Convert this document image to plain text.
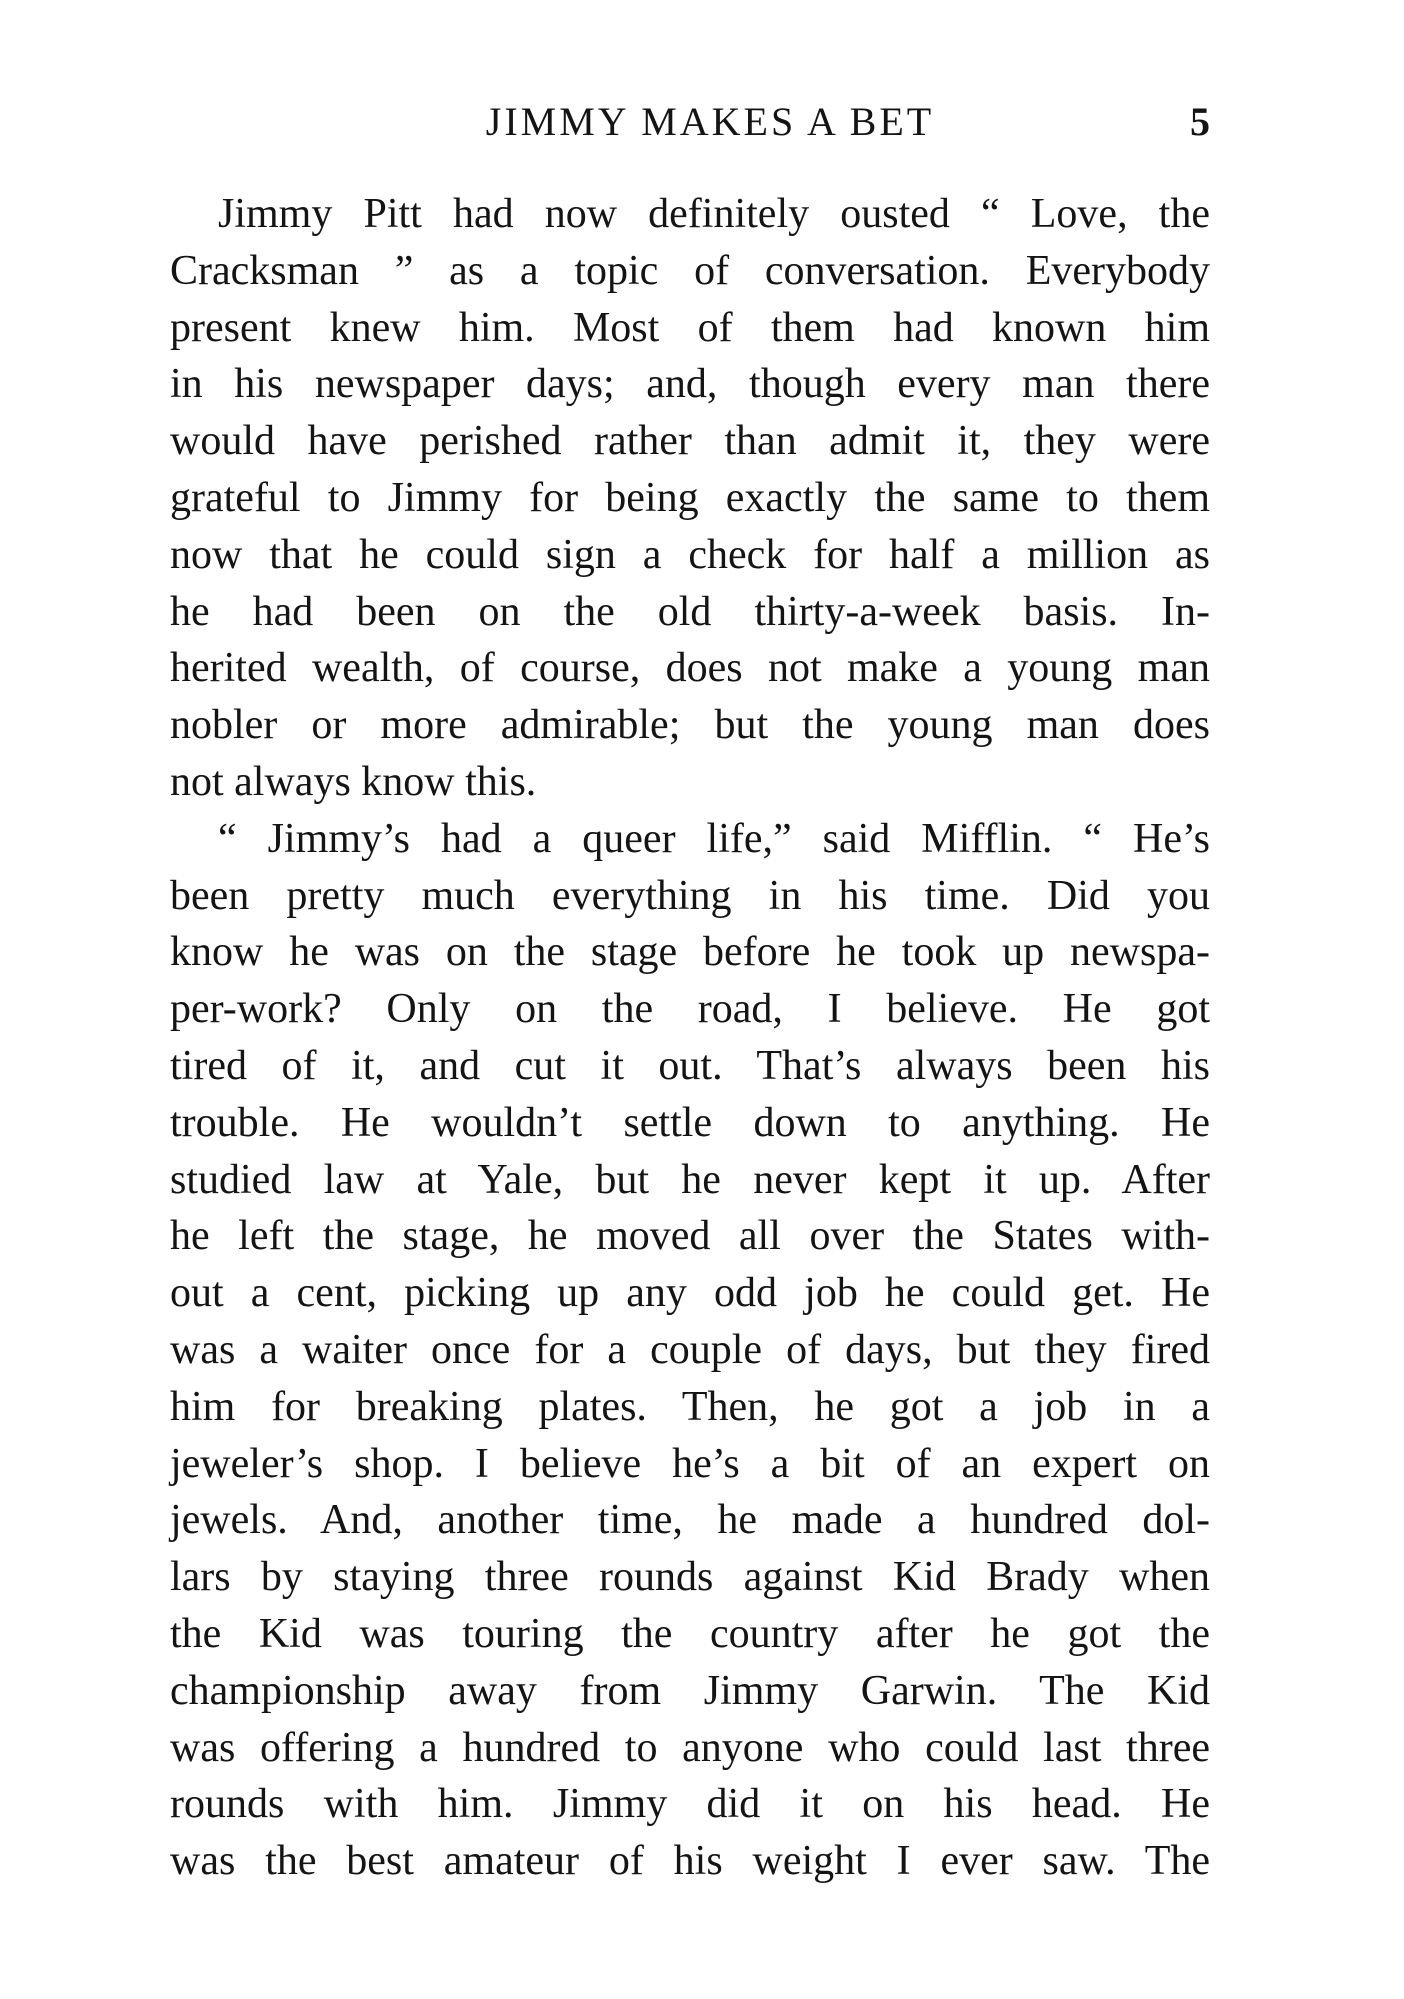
JIMMY MAKES A BET	5
Jimmy Pitt had now definitely ousted “ Love, the
Cracksman ” as a topic of conversation. Everybody
present knew him. Most of them had known him
in his newspaper days; and, though every man there
would have perished rather than admit it, they were
grateful to Jimmy for being exactly the same to them
now that he could sign a check for half a million as
he had been on the old thirty-a-week basis. In-
herited wealth, of course, does not make a young man
nobler or more admirable; but the young man does
not always know this.
“ Jimmy’s had a queer life,” said Mifflin. “ He’s
been pretty much everything in his time. Did you
know he was on the stage before he took up newspa-
per-work? Only on the road, I believe. He got
tired of it, and cut it out. That’s always been his
trouble. He wouldn’t settle down to anything. He
studied law at Yale, but he never kept it up. After
he left the stage, he moved all over the States with-
out a cent, picking up any odd job he could get. He
was a waiter once for a couple of days, but they fired
him for breaking plates. Then, he got a job in a
jeweler’s shop. I believe he’s a bit of an expert on
jewels. And, another time, he made a hundred dol-
lars by staying three rounds against Kid Brady when
the Kid was touring the country after he got the
championship away from Jimmy Garwin. The Kid
was offering a hundred to anyone who could last three
rounds with him. Jimmy did it on his head. He
was the best amateur of his weight I ever saw. The
